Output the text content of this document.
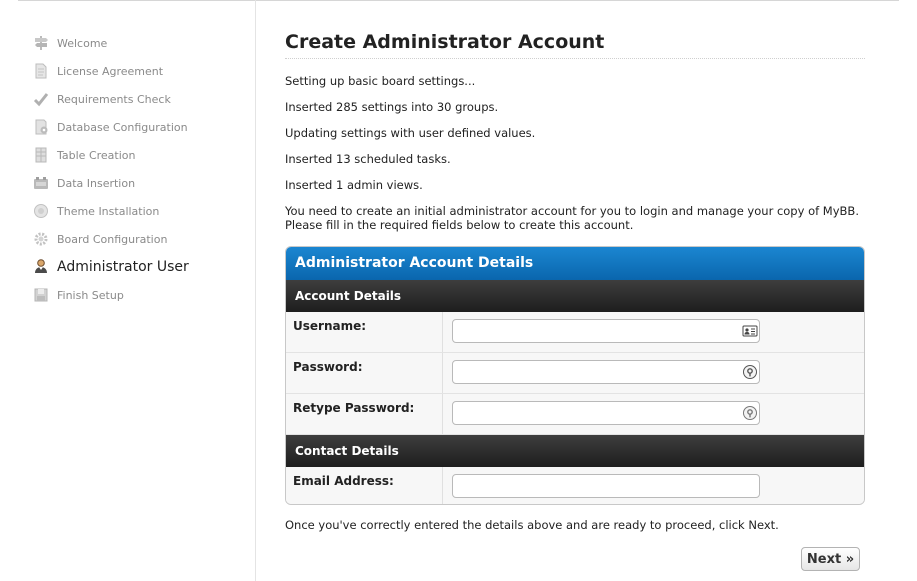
Welcome
License Agreement
Requirements Check
Database Configuration
Table Creation
Data Insertion
Theme Installation
Board Configuration
Administrator User
Finish Setup
Create Administrator Account

Setting up basic board settings...

Inserted 285 settings into 30 groups.

Updating settings with user defined values.

Inserted 13 scheduled tasks.

Inserted 1 admin views.

You need to create an initial administrator account for you to login and manage your copy of MyBB. Please fill in the required fields below to create this account.

Administrator Account Details
Account Details
Username:
Password:
Retype Password:
Contact Details
Email Address:
Once you've correctly entered the details above and are ready to proceed, click Next.
Next »
